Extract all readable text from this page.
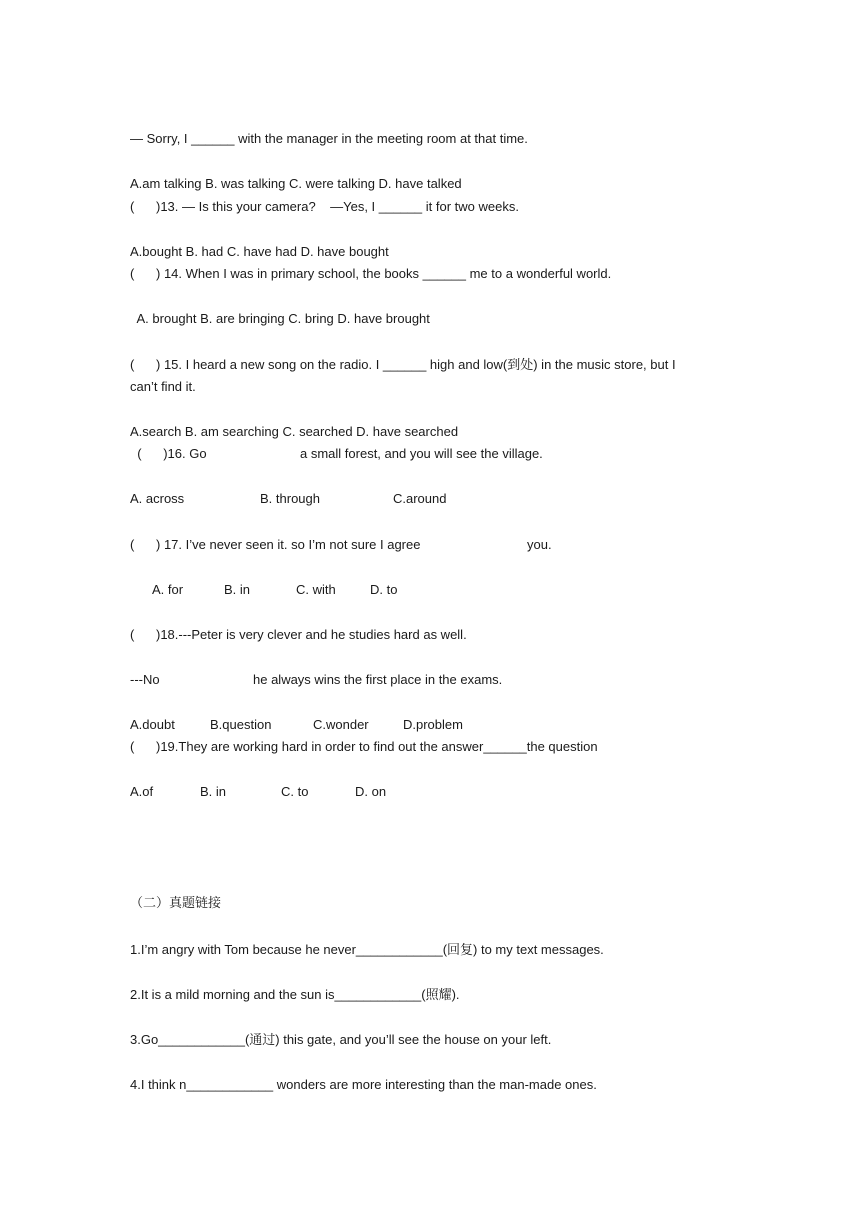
— Sorry, I ______ with the manager in the meeting room at that time.
A.am talking B. was talking C. were talking D. have talked
(      )13. — Is this your camera?    —Yes, I ______ it for two weeks.
A.bought B. had C. have had D. have bought
(      ) 14. When I was in primary school, the books ______ me to a wonderful world.
A. brought B. are bringing C. bring D. have brought
(      ) 15. I heard a new song on the radio. I ______ high and low(到处) in the music store, but I
can’t find it.
A.search B. am searching C. searched D. have searched
(      )16. Go	a small forest, and you will see the village.
A. across	B. through	C.around
(      ) 17. I’ve never seen it. so I’m not sure I agree	you.
A. for	B. in	C. with	D. to
(      )18.---Peter is very clever and he studies hard as well.
---No	he always wins the first place in the exams.
A.doubt	B.question	C.wonder	D.problem
(      )19.They are working hard in order to find out the answer______the question
A.of	B. in	C. to	D. on
（二）真题链接
1.I’m angry with Tom because he never____________(回复) to my text messages.
2.It is a mild morning and the sun is____________(照耀).
3.Go____________(通过) this gate, and you’ll see the house on your left.
4.I think n____________ wonders are more interesting than the man-made ones.
